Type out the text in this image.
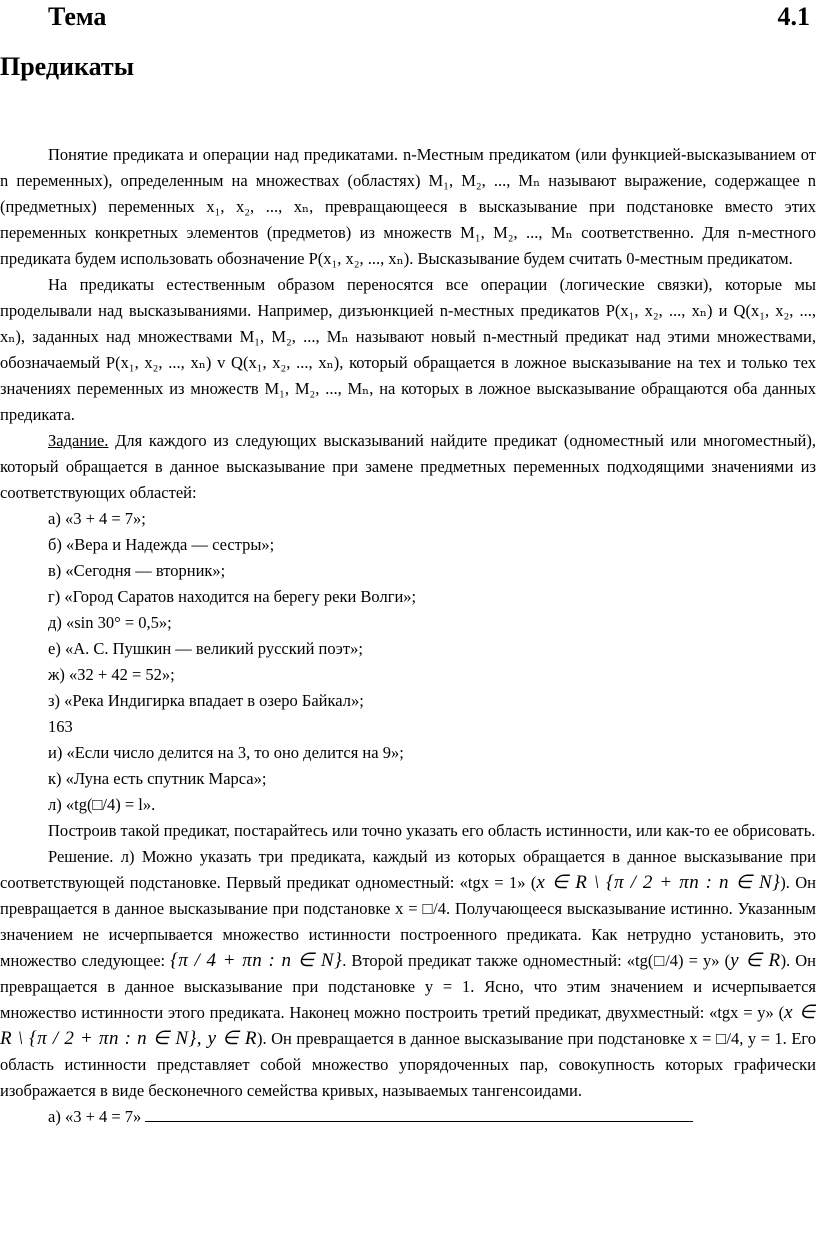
Тема	4.1
Предикаты

Понятие предиката и операции над предикатами. n-Местным предикатом (или функцией-высказыванием от n переменных), определенным на множествах (областях) M₁, M₂, ..., Mₙ называют выражение, содержащее n (предметных) переменных x₁, x₂, ..., xₙ, превращающееся в высказывание при подстановке вместо этих переменных конкретных элементов (предметов) из множеств M₁, M₂, ..., Mₙ соответственно. Для n-местного предиката будем использовать обозначение P(x₁, x₂, ..., xₙ). Высказывание будем считать 0-местным предикатом.

На предикаты естественным образом переносятся все операции (логические связки), которые мы проделывали над высказываниями. Например, дизъюнкцией n-местных предикатов P(x₁, x₂, ..., xₙ) и Q(x₁, x₂, ..., xₙ), заданных над множествами M₁, M₂, ..., Mₙ называют новый n-местный предикат над этими множествами, обозначаемый P(x₁, x₂, ..., xₙ) v Q(x₁, x₂, ..., xₙ), который обращается в ложное высказывание на тех и только тех значениях переменных из множеств M₁, M₂, ..., Mₙ, на которых в ложное высказывание обращаются оба данных предиката.

Задание. Для каждого из следующих высказываний найдите предикат (одноместный или многоместный), который обращается в данное высказывание при замене предметных переменных подходящими значениями из соответствующих областей:

а) «3 + 4 = 7»;

б) «Вера и Надежда — сестры»;

в) «Сегодня — вторник»;

г) «Город Саратов находится на берегу реки Волги»;

д) «sin 30° = 0,5»;

е) «А. С. Пушкин — великий русский поэт»;

ж) «З2 + 42 = 52»;

з) «Река Индигирка впадает в озеро Байкал»;

163

и) «Если число делится на 3, то оно делится на 9»;

к) «Луна есть спутник Марса»;

л) «tg(□/4) = l».

Построив такой предикат, постарайтесь или точно указать его область истинности, или как-то ее обрисовать.

Решение. л) Можно указать три предиката, каждый из которых обращается в данное высказывание при соответствующей подстановке. Первый предикат одноместный: «tgx = 1» (x ∈ R \ {π / 2 + πn : n ∈ N}). Он превращается в данное высказывание при подстановке x = □/4. Получающееся высказывание истинно. Указанным значением не исчерпывается множество истинности построенного предиката. Как нетрудно установить, это множество следующее: {π / 4 + πn : n ∈ N}. Второй предикат также одноместный: «tg(□/4) = y» (y ∈ R). Он превращается в данное высказывание при подстановке y = 1. Ясно, что этим значением и исчерпывается множество истинности этого предиката. Наконец можно построить третий предикат, двухместный: «tgx = y» (x ∈ R \ {π / 2 + πn : n ∈ N}, y ∈ R). Он превращается в данное высказывание при подстановке x = □/4, y = 1. Его область истинности представляет собой множество упорядоченных пар, совокупность которых графически изображается в виде бесконечного семейства кривых, называемых тангенсоидами.

а) «3 + 4 = 7»
